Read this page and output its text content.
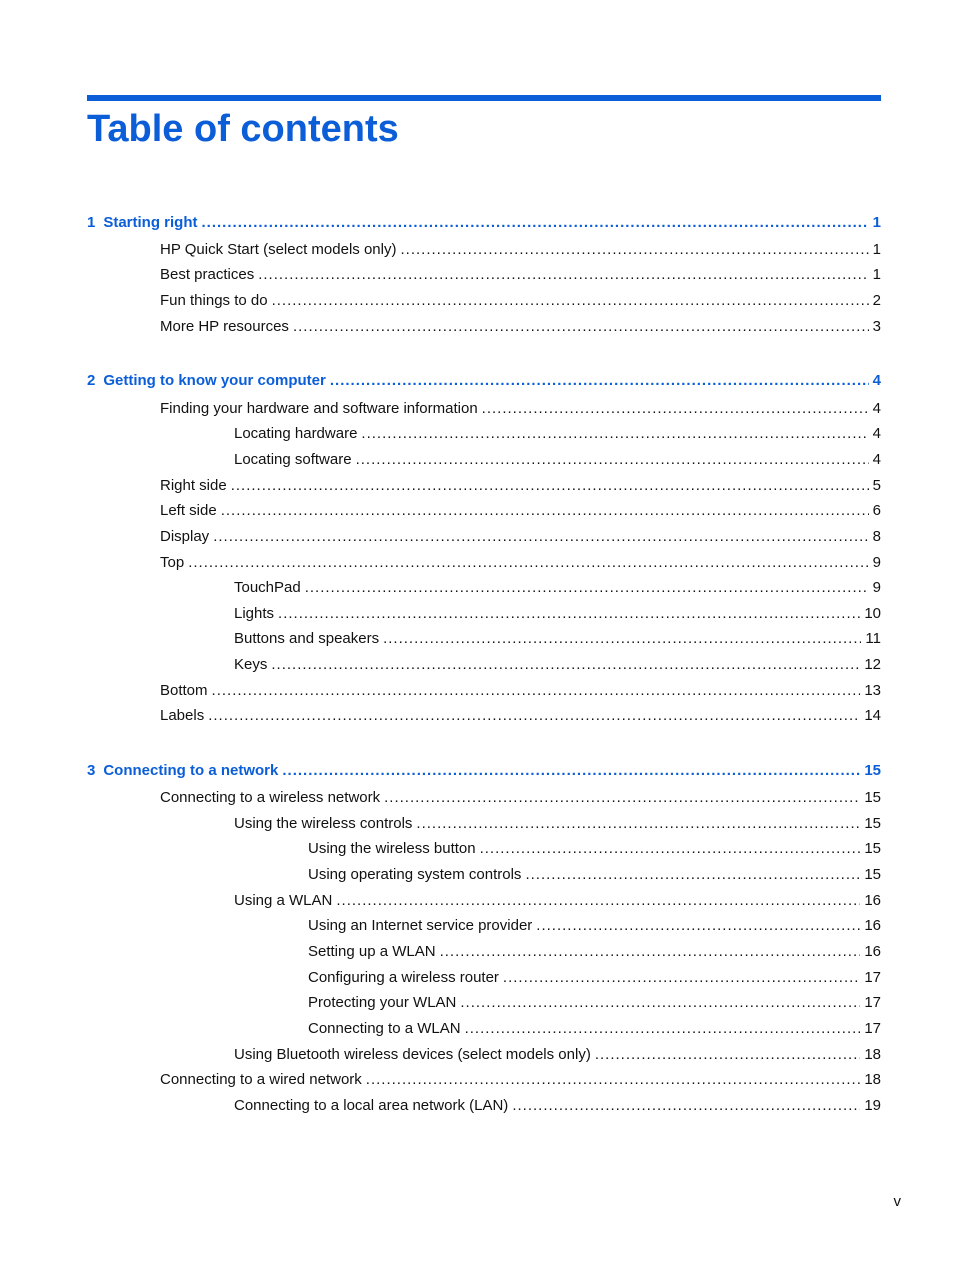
Table of contents
1 Starting right .....	1
HP Quick Start (select models only) .....	1
Best practices .....	1
Fun things to do .....	2
More HP resources .....	3
2 Getting to know your computer .....	4
Finding your hardware and software information .....	4
Locating hardware .....	4
Locating software .....	4
Right side .....	5
Left side .....	6
Display .....	8
Top .....	9
TouchPad .....	9
Lights .....	10
Buttons and speakers .....	11
Keys .....	12
Bottom .....	13
Labels .....	14
3 Connecting to a network .....	15
Connecting to a wireless network .....	15
Using the wireless controls .....	15
Using the wireless button .....	15
Using operating system controls .....	15
Using a WLAN .....	16
Using an Internet service provider .....	16
Setting up a WLAN .....	16
Configuring a wireless router .....	17
Protecting your WLAN .....	17
Connecting to a WLAN .....	17
Using Bluetooth wireless devices (select models only) .....	18
Connecting to a wired network .....	18
Connecting to a local area network (LAN) .....	19
v
